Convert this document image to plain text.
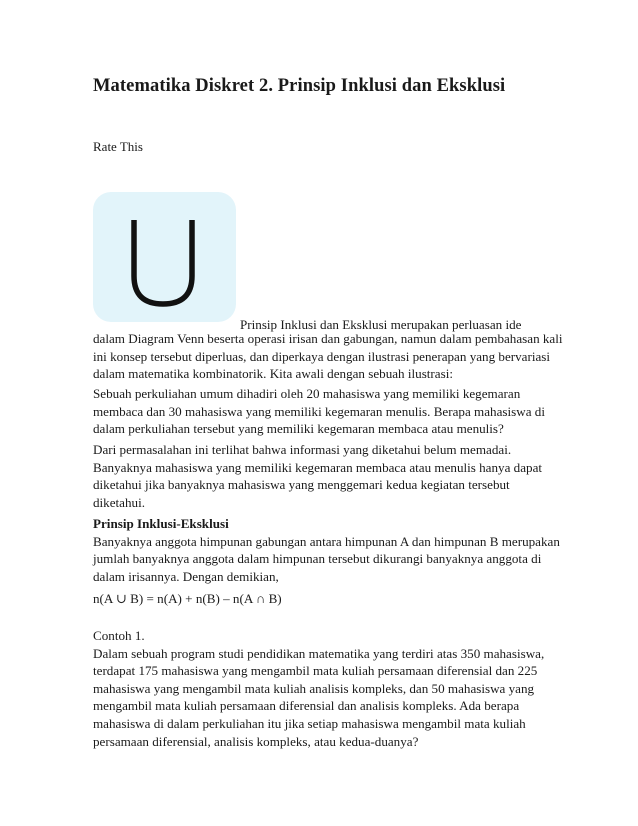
Matematika Diskret 2. Prinsip Inklusi dan Eksklusi
Rate This
Prinsip Inklusi dan Eksklusi merupakan perluasan ide
dalam Diagram Venn beserta operasi irisan dan gabungan, namun dalam pembahasan kali
ini konsep tersebut diperluas, dan diperkaya dengan ilustrasi penerapan yang bervariasi
dalam matematika kombinatorik. Kita awali dengan sebuah ilustrasi:
Sebuah perkuliahan umum dihadiri oleh 20 mahasiswa yang memiliki kegemaran
membaca dan 30 mahasiswa yang memiliki kegemaran menulis. Berapa mahasiswa di
dalam perkuliahan tersebut yang memiliki kegemaran membaca atau menulis?
Dari permasalahan ini terlihat bahwa informasi yang diketahui belum memadai.
Banyaknya mahasiswa yang memiliki kegemaran membaca atau menulis hanya dapat
diketahui jika banyaknya mahasiswa yang menggemari kedua kegiatan tersebut
diketahui.
Prinsip Inklusi-Eksklusi
Banyaknya anggota himpunan gabungan antara himpunan A dan himpunan B merupakan
jumlah banyaknya anggota dalam himpunan tersebut dikurangi banyaknya anggota di
dalam irisannya. Dengan demikian,
n(A ∪ B) = n(A) + n(B) – n(A ∩ B)
Contoh 1.
Dalam sebuah program studi pendidikan matematika yang terdiri atas 350 mahasiswa,
terdapat 175 mahasiswa yang mengambil mata kuliah persamaan diferensial dan 225
mahasiswa yang mengambil mata kuliah analisis kompleks, dan 50 mahasiswa yang
mengambil mata kuliah persamaan diferensial dan analisis kompleks. Ada berapa
mahasiswa di dalam perkuliahan itu jika setiap mahasiswa mengambil mata kuliah
persamaan diferensial, analisis kompleks, atau kedua-duanya?
